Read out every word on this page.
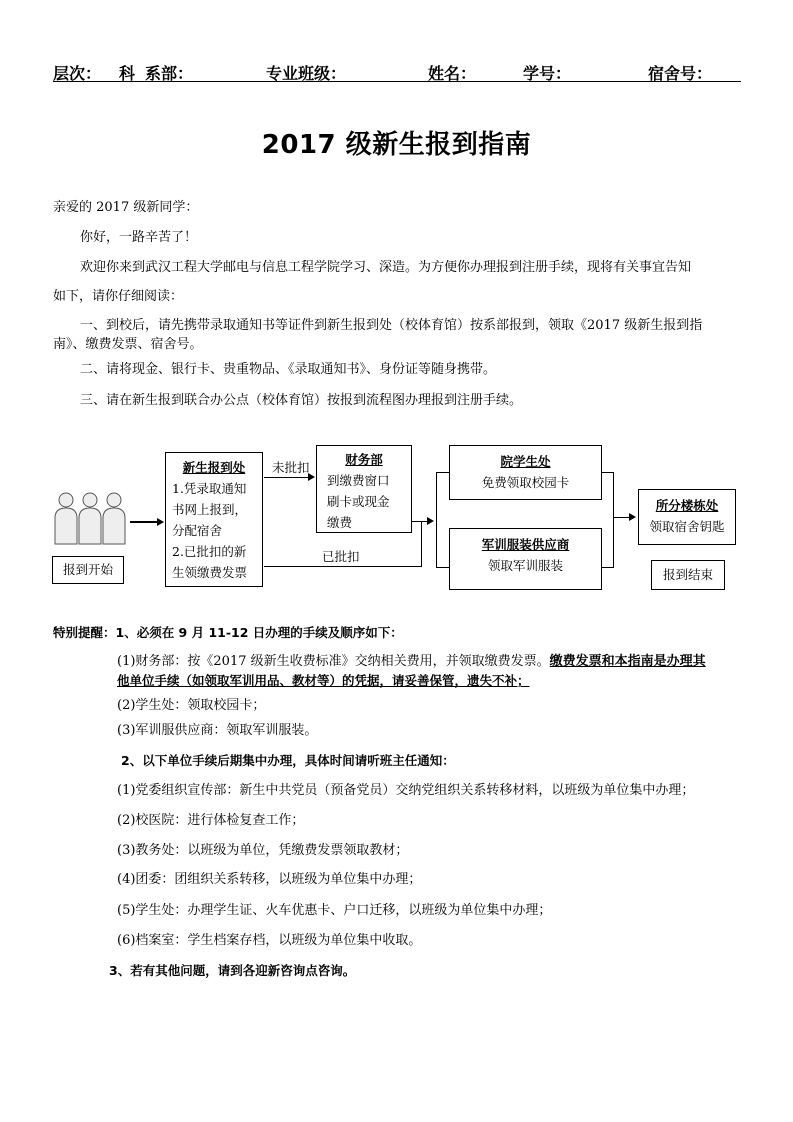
层次： 科 系部：	专业班级：	姓名：	学号：	宿舍号：
2017 级新生报到指南
亲爱的 2017 级新同学：
你好，一路辛苦了！
欢迎你来到武汉工程大学邮电与信息工程学院学习、深造。为方便你办理报到注册手续，现将有关事宜告知
如下，请你仔细阅读：
一、到校后，请先携带录取通知书等证件到新生报到处（校体育馆）按系部报到，领取《2017 级新生报到指
南》、缴费发票、宿舍号。
二、请将现金、银行卡、贵重物品、《录取通知书》、身份证等随身携带。
三、请在新生报到联合办公点（校体育馆）按报到流程图办理报到注册手续。
报到开始
新生报到处
1.凭录取通知
书网上报到，
分配宿舍
2.已批扣的新
生领缴费发票
未批扣
财务部
到缴费窗口
刷卡或现金
缴费
已批扣
院学生处
免费领取校园卡
军训服装供应商
领取军训服装
所分楼栋处
领取宿舍钥匙
报到结束
特别提醒：1、必须在 9 月 11-12 日办理的手续及顺序如下：
(1)财务部：按《2017 级新生收费标准》交纳相关费用，并领取缴费发票。缴费发票和本指南是办理其
他单位手续（如领取军训用品、教材等）的凭据，请妥善保管，遗失不补；
(2)学生处：领取校园卡；
(3)军训服供应商：领取军训服装。
2、以下单位手续后期集中办理，具体时间请听班主任通知：
(1)党委组织宣传部：新生中共党员（预备党员）交纳党组织关系转移材料，以班级为单位集中办理；
(2)校医院：进行体检复查工作；
(3)教务处：以班级为单位，凭缴费发票领取教材；
(4)团委：团组织关系转移，以班级为单位集中办理；
(5)学生处：办理学生证、火车优惠卡、户口迁移，以班级为单位集中办理；
(6)档案室：学生档案存档，以班级为单位集中收取。
3、若有其他问题，请到各迎新咨询点咨询。
